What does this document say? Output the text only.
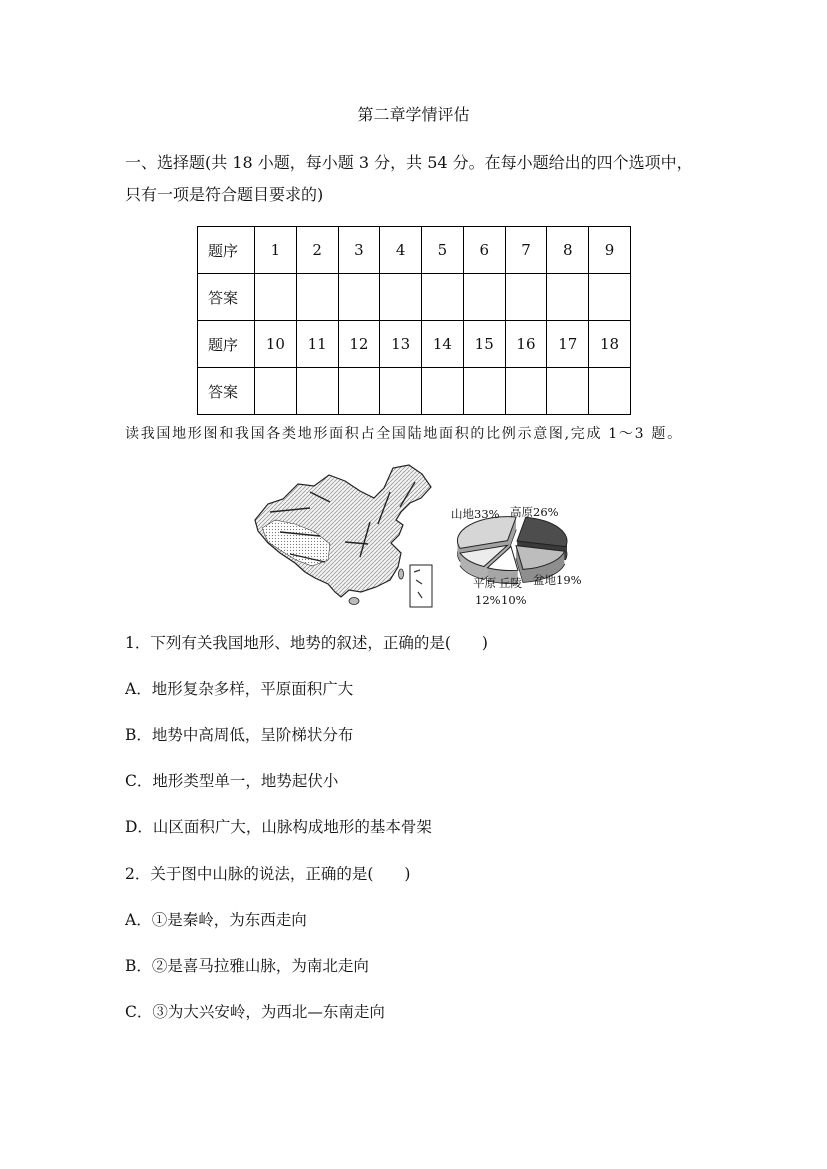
第二章学情评估
一、选择题(共 18 小题，每小题 3 分，共 54 分。在每小题给出的四个选项中，
只有一项是符合题目要求的)
题序	1	2	3	4	5	6	7	8	9
答案									
题序	10	11	12	13	14	15	16	17	18
答案									
读我国地形图和我国各类地形面积占全国陆地面积的比例示意图,完成 1～3 题。
山地33% 高原26%
盆地19%
平原 丘陵
12% 10%
1．下列有关我国地形、地势的叙述，正确的是(　　)
A．地形复杂多样，平原面积广大
B．地势中高周低，呈阶梯状分布
C．地形类型单一，地势起伏小
D．山区面积广大，山脉构成地形的基本骨架
2．关于图中山脉的说法，正确的是(　　)
A．①是秦岭，为东西走向
B．②是喜马拉雅山脉，为南北走向
C．③为大兴安岭，为西北—东南走向
